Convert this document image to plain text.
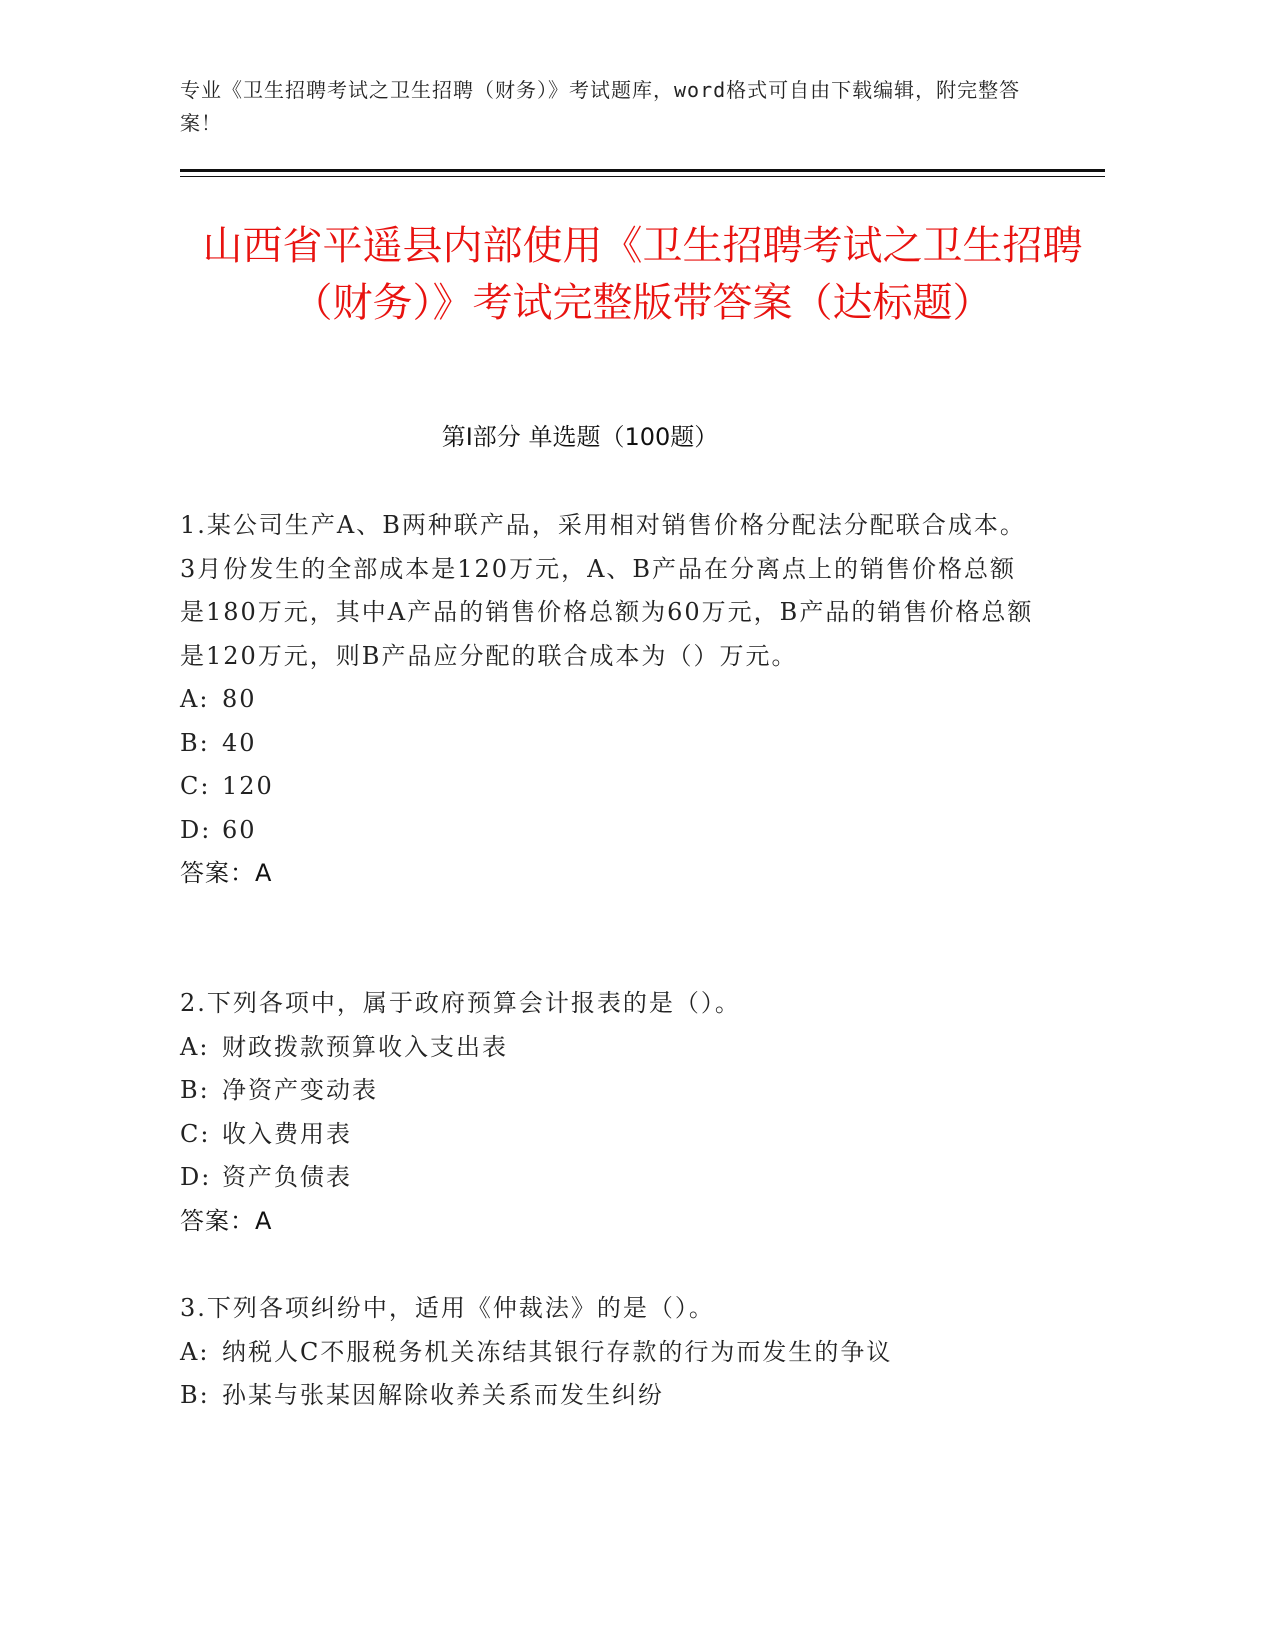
专业《卫生招聘考试之卫生招聘（财务）》考试题库，word格式可自由下载编辑，附完整答案！
山西省平遥县内部使用《卫生招聘考试之卫生招聘（财务）》考试完整版带答案（达标题）
第I部分 单选题（100题）

1.某公司生产A、B两种联产品，采用相对销售价格分配法分配联合成本。3月份发生的全部成本是120万元，A、B产品在分离点上的销售价格总额是180万元，其中A产品的销售价格总额为60万元，B产品的销售价格总额是120万元，则B产品应分配的联合成本为（）万元。

A: 80

B: 40

C: 120

D: 60

答案：A

2.下列各项中，属于政府预算会计报表的是（）。

A: 财政拨款预算收入支出表

B: 净资产变动表

C: 收入费用表

D: 资产负债表

答案：A

3.下列各项纠纷中，适用《仲裁法》的是（）。

A: 纳税人C不服税务机关冻结其银行存款的行为而发生的争议

B: 孙某与张某因解除收养关系而发生纠纷
